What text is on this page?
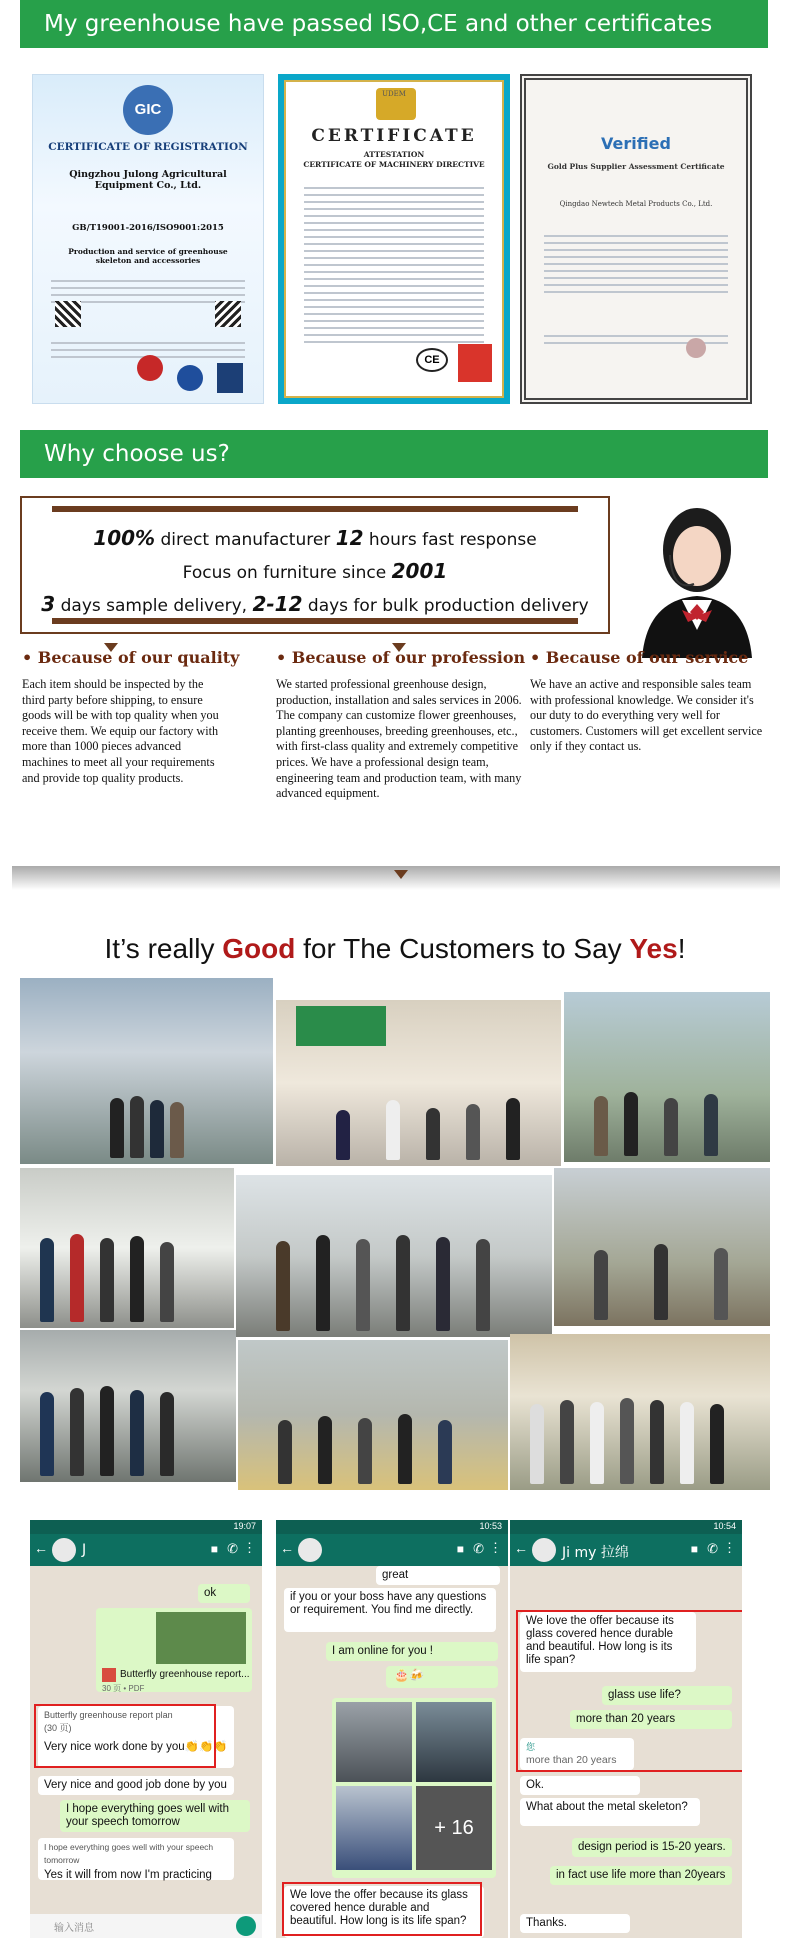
My greenhouse have passed ISO,CE and other certificates
GIC
CERTIFICATE OF REGISTRATION
Qingzhou Julong Agricultural Equipment Co., Ltd.
GB/T19001-2016/ISO9001:2015
Production and service of greenhouse skeleton and accessories
UDEM
CERTIFICATE
ATTESTATION
CERTIFICATE OF MACHINERY DIRECTIVE
CE
Verified
Gold Plus Supplier Assessment Certificate
Qingdao Newtech Metal Products Co., Ltd.
Why choose us?
100% direct manufacturer 12 hours fast response
Focus on furniture since 2001
3 days sample delivery, 2-12 days for bulk production delivery
• Because of our quality

Each item should be inspected by the third party before shipping, to ensure goods will be with top quality when you receive them. We equip our factory with more than 1000 pieces advanced machines to meet all your requirements and provide top quality products.

• Because of our profession

We started professional greenhouse design, production, installation and sales services in 2006. The company can customize flower greenhouses, planting greenhouses, breeding greenhouses, etc., with first-class quality and extremely competitive prices. We have a professional design team, engineering team and production team, with many advanced equipment.

• Because of our service

We have an active and responsible sales team with professional knowledge. We consider it's our duty to do everything very well for customers. Customers will get excellent service only if they contact us.

It’s really Good for The Customers to Say Yes!
19:07
← J	■ ✆ ⋮
ok
Butterfly greenhouse report...
30 页 • PDF
Butterfly greenhouse report plan (30 页)
Very nice work done by you👏👏👏
Very nice and good job done by you
I hope everything goes well with your speech tomorrow
I hope everything goes well with your speech tomorrow
Yes it will from now I'm practicing
输入消息
10:53
←	■ ✆ ⋮
great
if you or your boss have any questions or requirement. You find me directly.
I am online for you !
🎂🍻
+ 16
We love the offer because its glass covered hence durable and beautiful. How long is its life span?
10:54
← Ji my 拉绵	■ ✆ ⋮
We love the offer because its glass covered hence durable and beautiful. How long is its life span?
glass use life?
more than 20 years
您
more than 20 years
Ok.
What about the metal skeleton?
design period is 15-20 years.
in fact use life more than 20years
Thanks.
